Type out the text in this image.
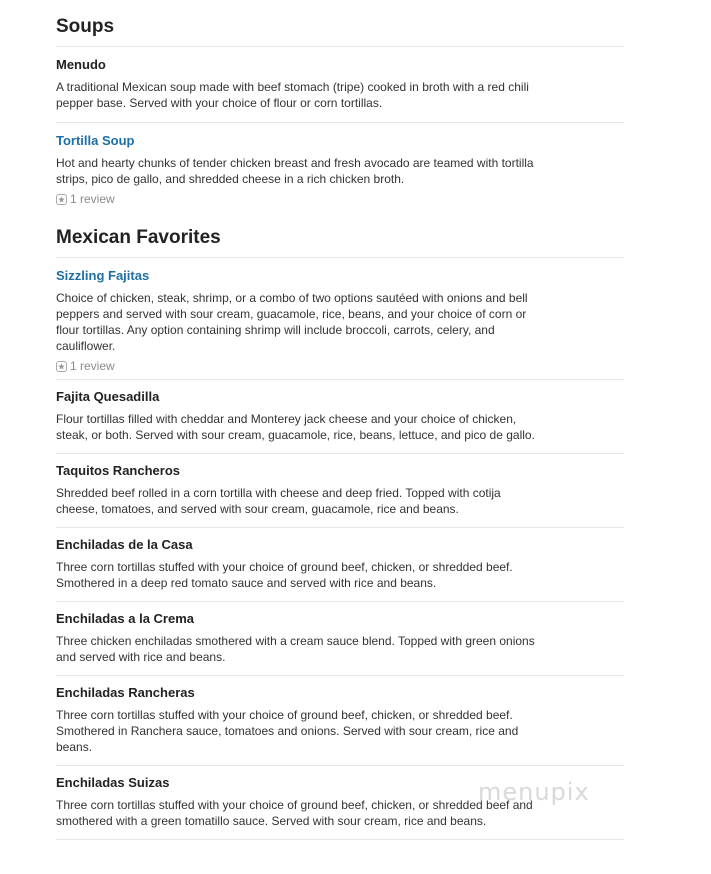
Soups
Menudo
A traditional Mexican soup made with beef stomach (tripe) cooked in broth with a red chili pepper base. Served with your choice of flour or corn tortillas.
Tortilla Soup
Hot and hearty chunks of tender chicken breast and fresh avocado are teamed with tortilla strips, pico de gallo, and shredded cheese in a rich chicken broth.
1 review
Mexican Favorites
Sizzling Fajitas
Choice of chicken, steak, shrimp, or a combo of two options sautéed with onions and bell peppers and served with sour cream, guacamole, rice, beans, and your choice of corn or flour tortillas. Any option containing shrimp will include broccoli, carrots, celery, and cauliflower.
1 review
Fajita Quesadilla
Flour tortillas filled with cheddar and Monterey jack cheese and your choice of chicken, steak, or both. Served with sour cream, guacamole, rice, beans, lettuce, and pico de gallo.
Taquitos Rancheros
Shredded beef rolled in a corn tortilla with cheese and deep fried. Topped with cotija cheese, tomatoes, and served with sour cream, guacamole, rice and beans.
Enchiladas de la Casa
Three corn tortillas stuffed with your choice of ground beef, chicken, or shredded beef. Smothered in a deep red tomato sauce and served with rice and beans.
Enchiladas a la Crema
Three chicken enchiladas smothered with a cream sauce blend. Topped with green onions and served with rice and beans.
Enchiladas Rancheras
Three corn tortillas stuffed with your choice of ground beef, chicken, or shredded beef. Smothered in Ranchera sauce, tomatoes and onions. Served with sour cream, rice and beans.
Enchiladas Suizas
Three corn tortillas stuffed with your choice of ground beef, chicken, or shredded beef and smothered with a green tomatillo sauce. Served with sour cream, rice and beans.
menupix
